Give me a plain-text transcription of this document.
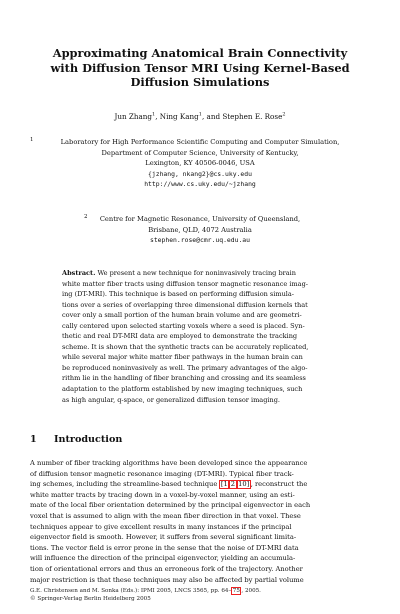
Approximating Anatomical Brain Connectivity
with Diffusion Tensor MRI Using Kernel-Based
Diffusion Simulations
Jun Zhang$^1$, Ning Kang$^1$, and Stephen E. Rose$^2$
1	Laboratory for High Performance Scientific Computing and Computer Simulation,
Department of Computer Science, University of Kentucky,
Lexington, KY 40506-0046, USA
{jzhang, nkang2}@cs.uky.edu
http://www.cs.uky.edu/~jzhang
2	Centre for Magnetic Resonance, University of Queensland,
Brisbane, QLD, 4072 Australia
stephen.rose@cmr.uq.edu.au
Abstract. We present a new technique for noninvasively tracing brain
white matter fiber tracts using diffusion tensor magnetic resonance imag-
ing (DT-MRI). This technique is based on performing diffusion simula-
tions over a series of overlapping three dimensional diffusion kernels that
cover only a small portion of the human brain volume and are geometri-
cally centered upon selected starting voxels where a seed is placed. Syn-
thetic and real DT-MRI data are employed to demonstrate the tracking
scheme. It is shown that the synthetic tracts can be accurately replicated,
while several major white matter fiber pathways in the human brain can
be reproduced noninvasively as well. The primary advantages of the algo-
rithm lie in the handling of fiber branching and crossing and its seamless
adaptation to the platform established by new imaging techniques, such
as high angular, q-space, or generalized diffusion tensor imaging.
1 Introduction
A number of fiber tracking algorithms have been developed since the appearance
of diffusion tensor magnetic resonance imaging (DT-MRI). Typical fiber track-
ing schemes, including the streamline-based technique [1 2 10] , reconstruct the
white matter tracts by tracing down in a voxel-by-voxel manner, using an esti-
mate of the local fiber orientation determined by the principal eigenvector in each
voxel that is assumed to align with the mean fiber direction in that voxel. These
techniques appear to give excellent results in many instances if the principal
eigenvector field is smooth. However, it suffers from several significant limita-
tions. The vector field is error prone in the sense that the noise of DT-MRI data
will influence the direction of the principal eigenvector, yielding an accumula-
tion of orientational errors and thus an erroneous fork of the trajectory. Another
major restriction is that these techniques may also be affected by partial volume
G.E. Christensen and M. Sonka (Eds.): IPMI 2005, LNCS 3565, pp. 64– 75 , 2005.
© Springer-Verlag Berlin Heidelberg 2005
